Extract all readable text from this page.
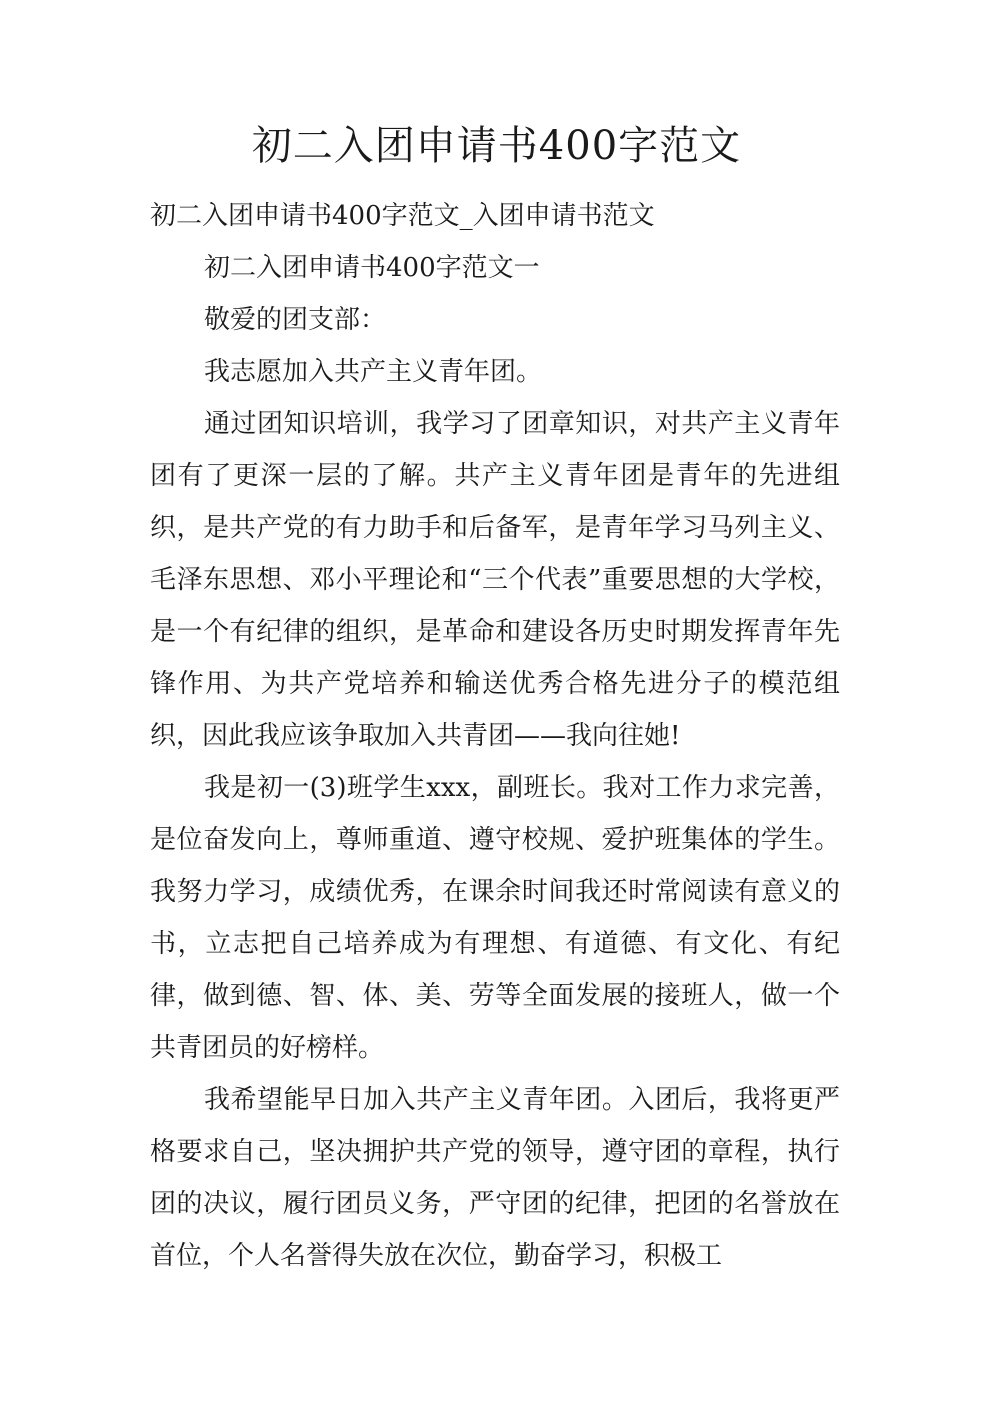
初二入团申请书400字范文

初二入团申请书400字范文_入团申请书范文

初二入团申请书400字范文一

敬爱的团支部：

我志愿加入共产主义青年团。

通过团知识培训，我学习了团章知识，对共产主义青年团有了更深一层的了解。共产主义青年团是青年的先进组织，是共产党的有力助手和后备军，是青年学习马列主义、毛泽东思想、邓小平理论和“三个代表”重要思想的大学校，是一个有纪律的组织，是革命和建设各历史时期发挥青年先锋作用、为共产党培养和输送优秀合格先进分子的模范组织，因此我应该争取加入共青团——我向往她!

我是初一(3)班学生xxx，副班长。我对工作力求完善，是位奋发向上，尊师重道、遵守校规、爱护班集体的学生。我努力学习，成绩优秀，在课余时间我还时常阅读有意义的书，立志把自己培养成为有理想、有道德、有文化、有纪律，做到德、智、体、美、劳等全面发展的接班人，做一个共青团员的好榜样。

我希望能早日加入共产主义青年团。入团后，我将更严格要求自己，坚决拥护共产党的领导，遵守团的章程，执行团的决议，履行团员义务，严守团的纪律，把团的名誉放在首位，个人名誉得失放在次位，勤奋学习，积极工
